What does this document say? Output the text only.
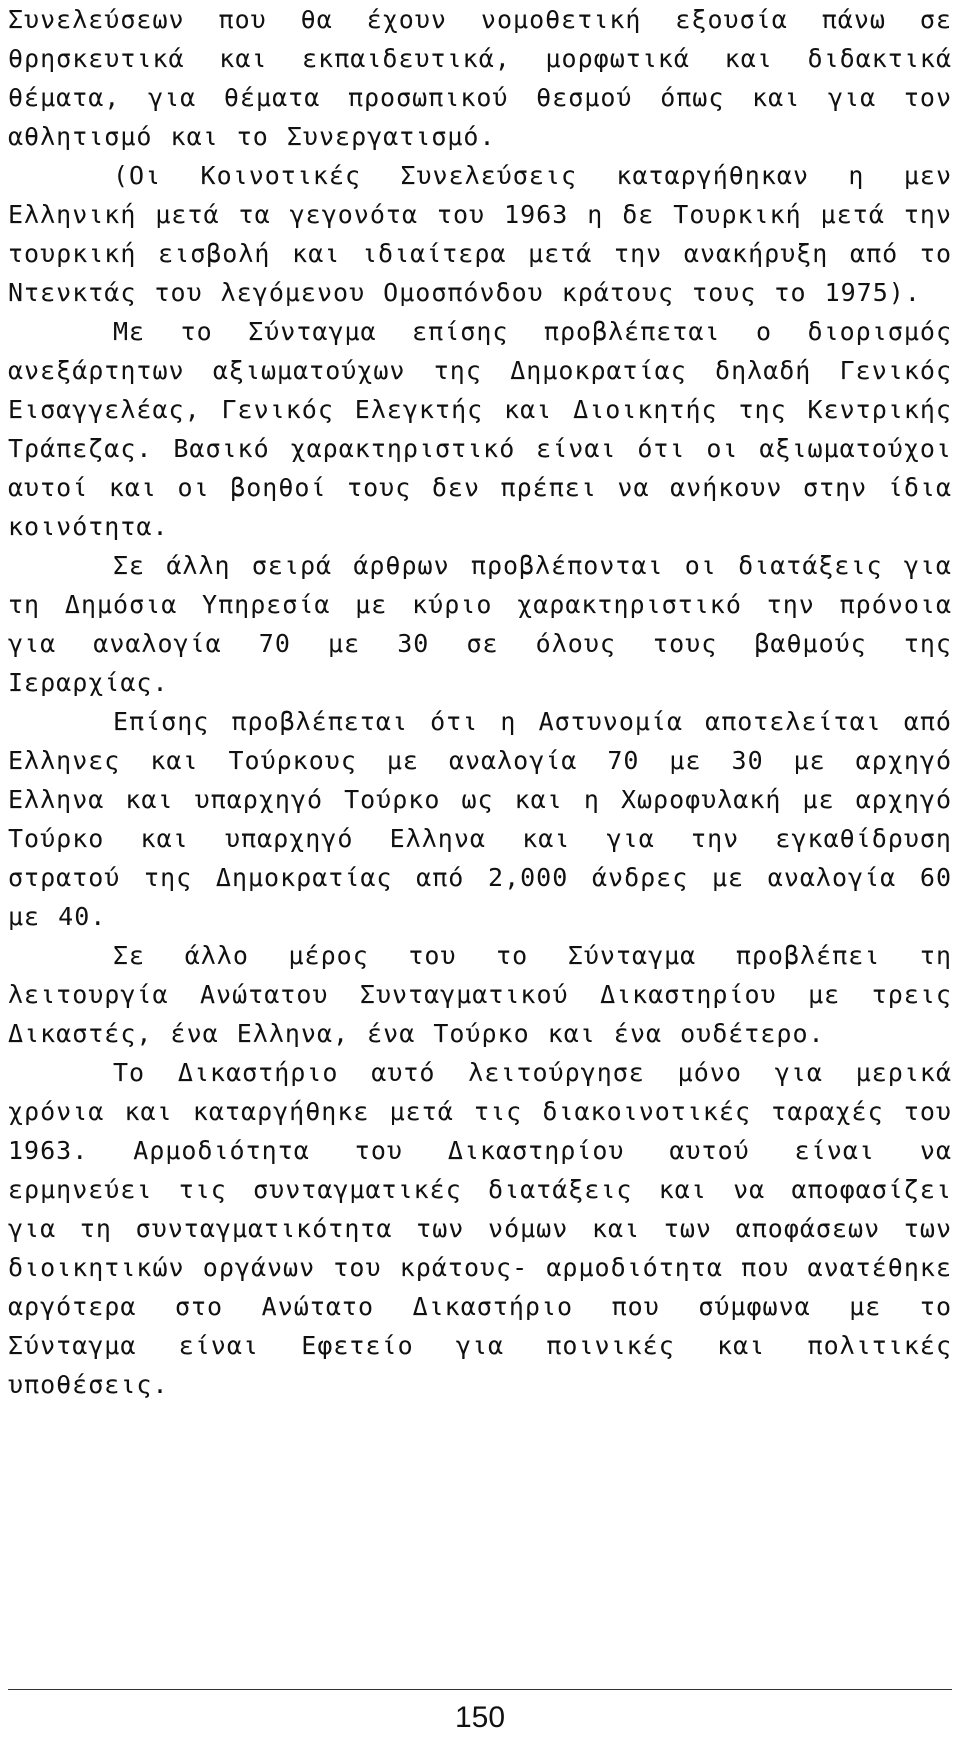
Συνελεύσεων που θα έχουν νομοθετική εξουσία πάνω σε θρησκευτικά και εκπαιδευτικά, μορφωτικά και διδακτικά θέματα, για θέματα προσωπικού θεσμού όπως και για τον αθλητισμό και το Συνεργατισμό.

(Οι Κοινοτικές Συνελεύσεις καταργήθηκαν η μεν Ελληνική μετά τα γεγονότα του 1963 η δε Τουρκική μετά την τουρκική εισβολή και ιδιαίτερα μετά την ανακήρυξη από το Ντενκτάς του λεγόμενου Ομοσπόνδου κράτους τους το 1975).

Με το Σύνταγμα επίσης προβλέπεται ο διορισμός ανεξάρτητων αξιωματούχων της Δημοκρατίας δηλαδή Γενικός Εισαγγελέας, Γενικός Ελεγκτής και Διοικητής της Κεντρικής Τράπεζας. Βασικό χαρακτηριστικό είναι ότι οι αξιωματούχοι αυτοί και οι βοηθοί τους δεν πρέπει να ανήκουν στην ίδια κοινότητα.

Σε άλλη σειρά άρθρων προβλέπονται οι διατάξεις για τη Δημόσια Υπηρεσία με κύριο χαρακτηριστικό την πρόνοια για αναλογία 70 με 30 σε όλους τους βαθμούς της Ιεραρχίας.

Επίσης προβλέπεται ότι η Αστυνομία αποτελείται από Ελληνες και Τούρκους με αναλογία 70 με 30 με αρχηγό Ελληνα και υπαρχηγό Τούρκο ως και η Χωροφυλακή με αρχηγό Τούρκο και υπαρχηγό Ελληνα και για την εγκαθίδρυση στρατού της Δημοκρατίας από 2,000 άνδρες με αναλογία 60 με 40.

Σε άλλο μέρος του το Σύνταγμα προβλέπει τη λειτουργία Ανώτατου Συνταγματικού Δικαστηρίου με τρεις Δικαστές, ένα Ελληνα, ένα Τούρκο και ένα ουδέτερο.

Το Δικαστήριο αυτό λειτούργησε μόνο για μερικά χρόνια και καταργήθηκε μετά τις διακοινοτικές ταραχές του 1963. Αρμοδιότητα του Δικαστηρίου αυτού είναι να ερμηνεύει τις συνταγματικές διατάξεις και να αποφασίζει για τη συνταγματικότητα των νόμων και των αποφάσεων των διοικητικών οργάνων του κράτους- αρμοδιότητα που ανατέθηκε αργότερα στο Ανώτατο Δικαστήριο που σύμφωνα με το Σύνταγμα είναι Εφετείο για ποινικές και πολιτικές υποθέσεις.

150
